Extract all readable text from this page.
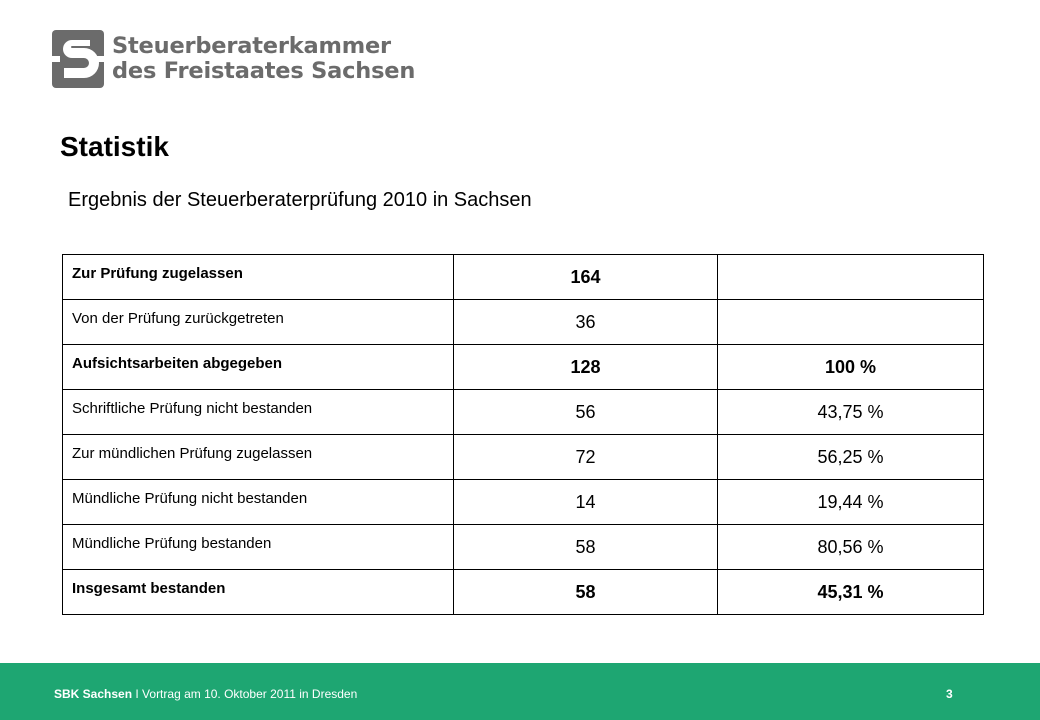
Steuerberaterkammer
des Freistaates Sachsen
Statistik
Ergebnis der Steuerberaterprüfung 2010 in Sachsen
Zur Prüfung zugelassen	164	
Von der Prüfung zurückgetreten	36	
Aufsichtsarbeiten abgegeben	128	100 %
Schriftliche Prüfung nicht bestanden	56	43,75 %
Zur mündlichen Prüfung zugelassen	72	56,25 %
Mündliche Prüfung nicht bestanden	14	19,44 %
Mündliche Prüfung bestanden	58	80,56 %
Insgesamt bestanden	58	45,31 %
SBK Sachsen I Vortrag am 10. Oktober 2011 in Dresden	3
